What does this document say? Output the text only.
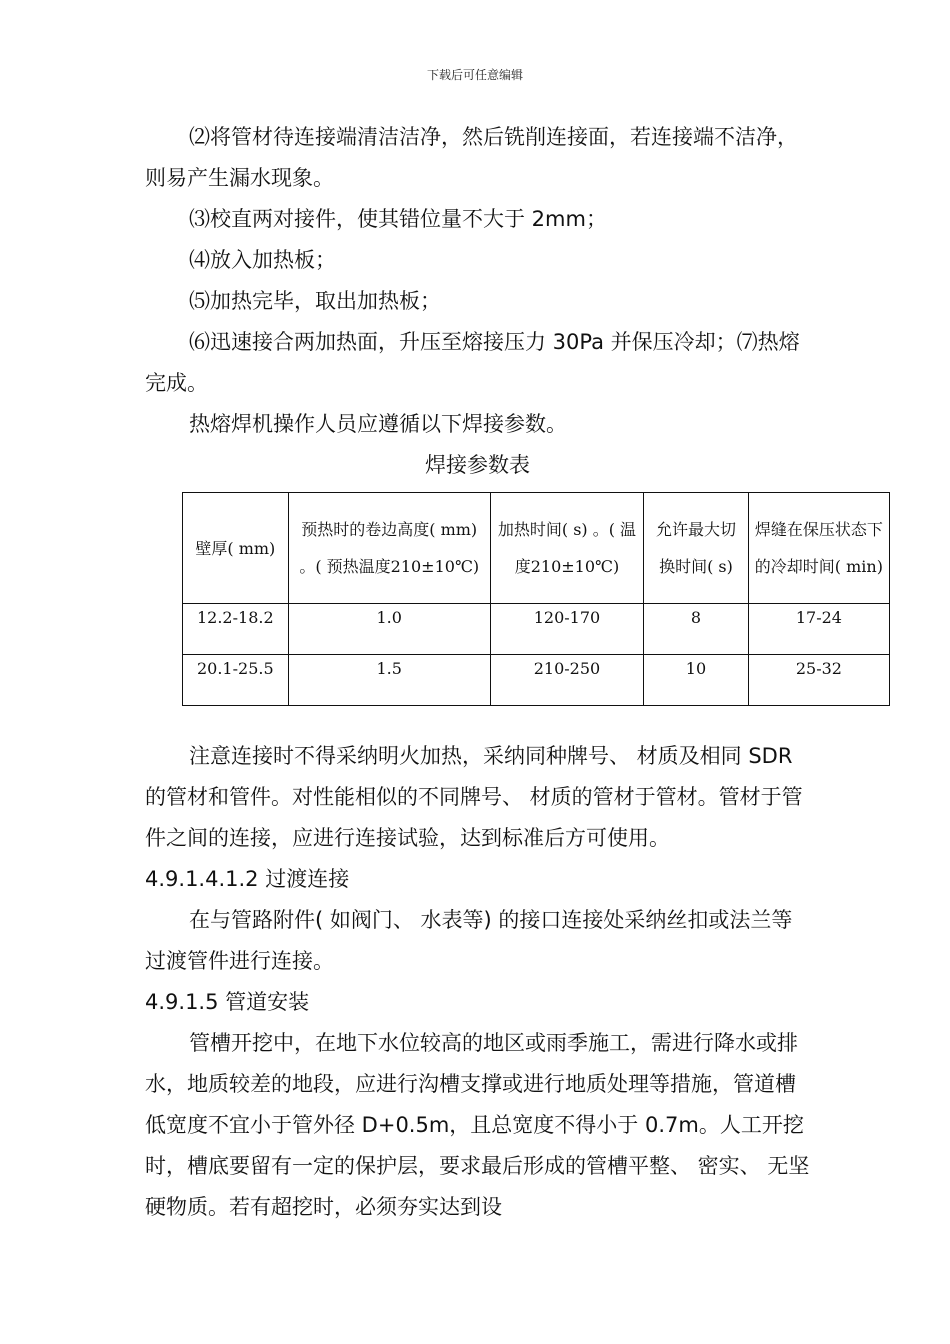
下载后可任意编辑

⑵将管材待连接端清洁洁净，然后铣削连接面，若连接端不洁净，则易产生漏水现象。

⑶校直两对接件，使其错位量不大于 2mm；

⑷放入加热板；

⑸加热完毕，取出加热板；

⑹迅速接合两加热面，升压至熔接压力 30Pa 并保压冷却；⑺热熔完成。

热熔焊机操作人员应遵循以下焊接参数。

焊接参数表

壁厚( mm)	预热时的卷边高度( mm) 。( 预热温度210±10℃)	加热时间( s) 。( 温度210±10℃)	允许最大切换时间( s)	焊缝在保压状态下的冷却时间( min)
12.2-18.2	1.0	120-170	8	17-24
20.1-25.5	1.5	210-250	10	25-32

注意连接时不得采纳明火加热，采纳同种牌号、 材质及相同 SDR 的管材和管件。对性能相似的不同牌号、 材质的管材于管材。管材于管件之间的连接，应进行连接试验，达到标准后方可使用。

4.9.1.4.1.2 过渡连接

在与管路附件( 如阀门、 水表等) 的接口连接处采纳丝扣或法兰等过渡管件进行连接。

4.9.1.5 管道安装

管槽开挖中，在地下水位较高的地区或雨季施工，需进行降水或排水，地质较差的地段，应进行沟槽支撑或进行地质处理等措施，管道槽低宽度不宜小于管外径 D+0.5m，且总宽度不得小于 0.7m。人工开挖时，槽底要留有一定的保护层，要求最后形成的管槽平整、 密实、 无坚硬物质。若有超挖时，必须夯实达到设
